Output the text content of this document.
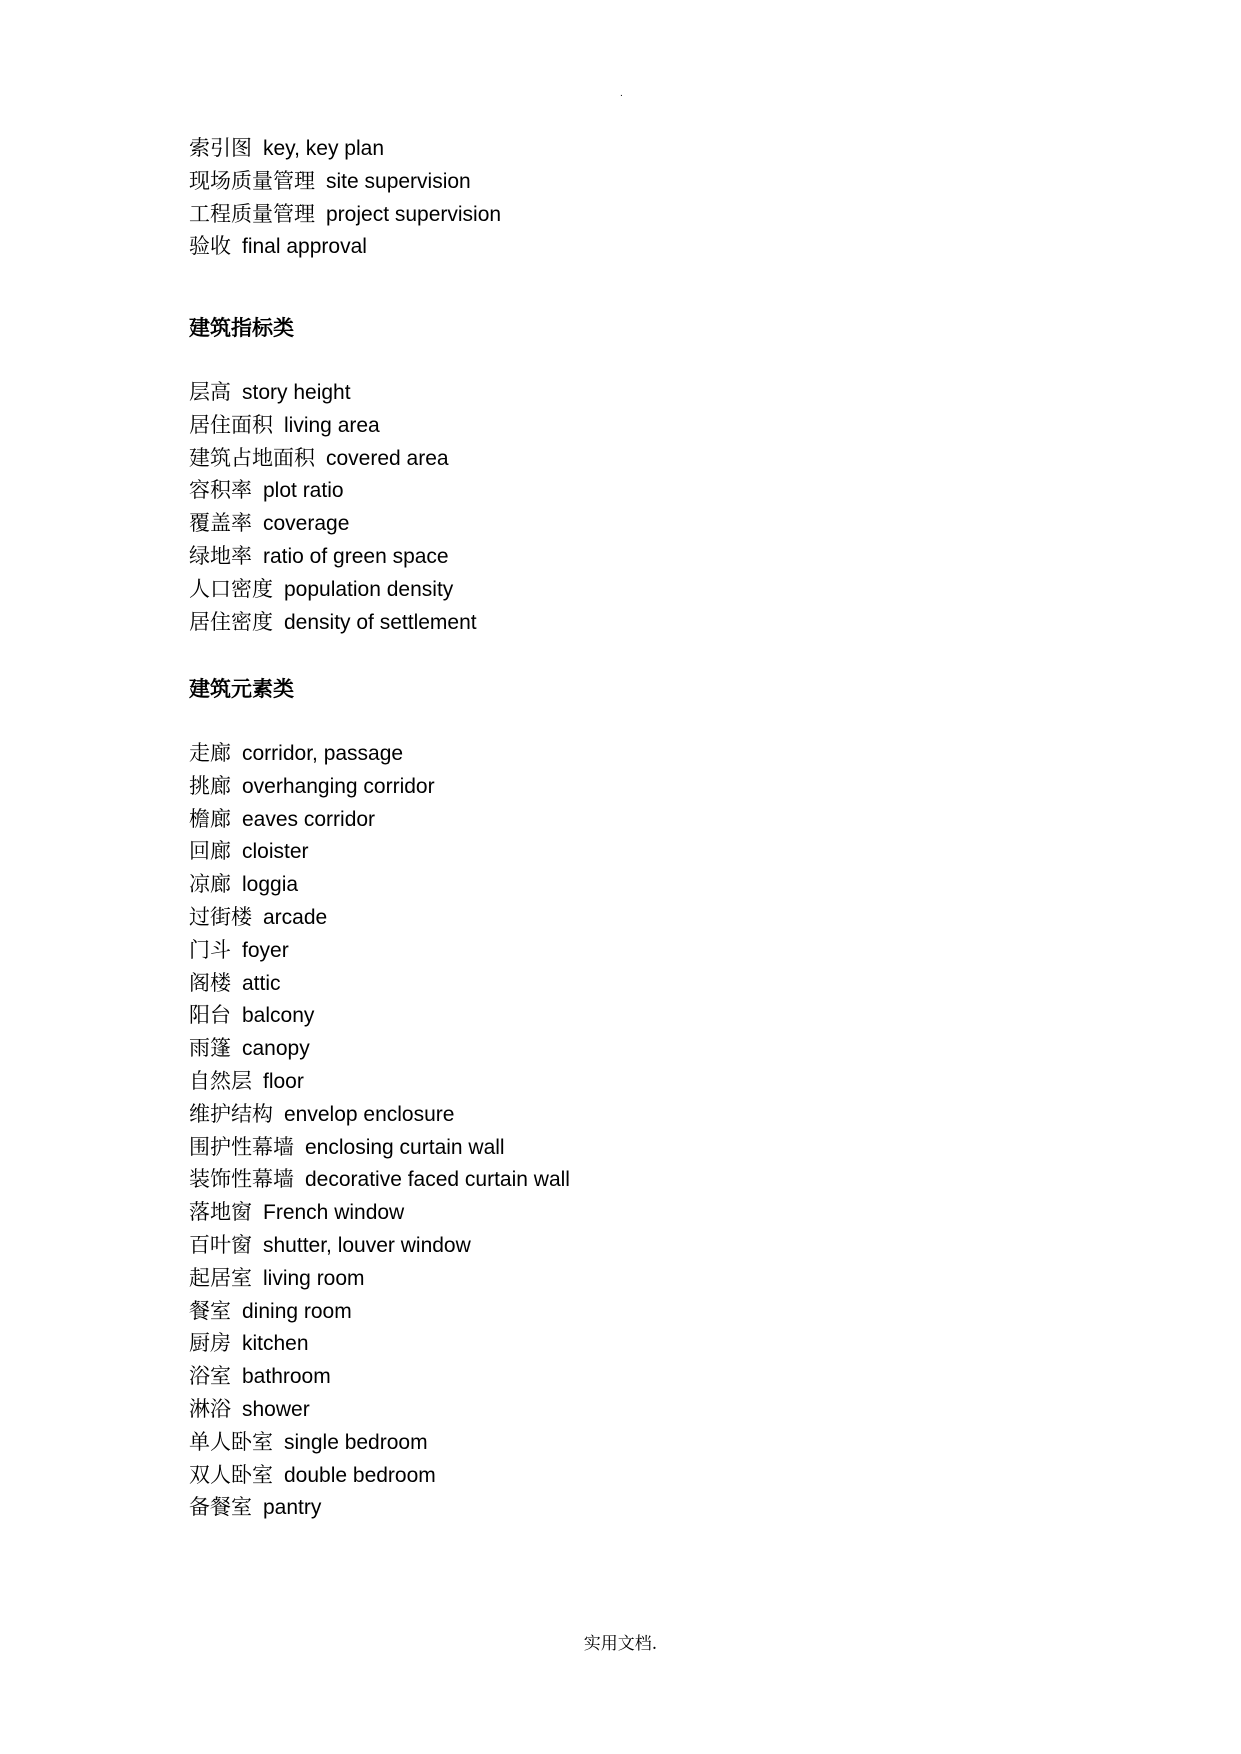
.
索引图 key, key plan
现场质量管理 site supervision
工程质量管理 project supervision
验收 final approval
建筑指标类
层高 story height
居住面积 living area
建筑占地面积 covered area
容积率 plot ratio
覆盖率 coverage
绿地率 ratio of green space
人口密度 population density
居住密度 density of settlement
建筑元素类
走廊 corridor, passage
挑廊 overhanging corridor
檐廊 eaves corridor
回廊 cloister
凉廊 loggia
过街楼 arcade
门斗 foyer
阁楼 attic
阳台 balcony
雨篷 canopy
自然层 floor
维护结构 envelop enclosure
围护性幕墙 enclosing curtain wall
装饰性幕墙 decorative faced curtain wall
落地窗 French window
百叶窗 shutter, louver window
起居室 living room
餐室 dining room
厨房 kitchen
浴室 bathroom
淋浴 shower
单人卧室 single bedroom
双人卧室 double bedroom
备餐室 pantry
实用文档.
